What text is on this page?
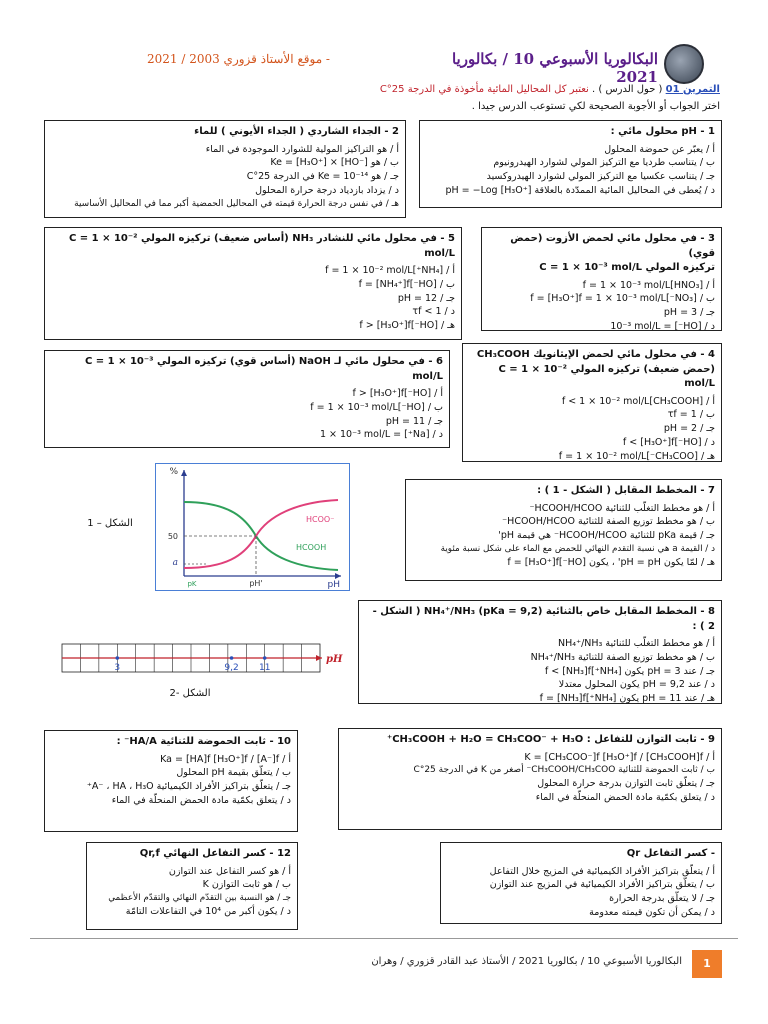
البكالوريا الأسبوعي 10 / بكالوريا 2021
- موقع الأستاذ قزوري 2003 / 2021
التمرين 01 ( حول الدرس ) . نعتبر كل المحاليل المائية مأخوذة في الدرجة 25°C
اختر الجواب أو الأجوبة الصحيحة لكي تستوعب الدرس جيدا .
1 - pH محلول مائي :
أ / يعبّر عن حموضة المحلول
ب / يتناسب طرديا مع التركيز المولي لشوارد الهيدرونيوم
جـ / يتناسب عكسيا مع التركيز المولي لشوارد الهيدروكسيد
د / يُعطى في المحاليل المائية الممدّدة بالعلاقة pH = −Log [H₃O⁺]
2 - الجداء الشاردي ( الجداء الأيوني ) للماء
أ / هو التراكيز المولية للشوارد الموجودة في الماء
ب / هو Ke = [H₃O⁺] × [HO⁻]
جـ / هو Ke = 10⁻¹⁴ في الدرجة 25°C
د / يزداد بازدياد درجة حرارة المحلول
هـ / في نفس درجة الحرارة قيمته في المحاليل الحمضية أكبر مما في المحاليل الأساسية
3 - في محلول مائي لحمض الأزوت (حمض قوي)
تركيزه المولي C = 1 × 10⁻³ mol/L
أ / [HNO₃]f = 1 × 10⁻³ mol/L
ب / [NO₃⁻]f = [H₃O⁺]f = 1 × 10⁻³ mol/L
جـ / pH = 3
د / [HO⁻] = 10⁻³ mol/L
5 - في محلول مائي للنشادر NH₃ (أساس ضعيف) تركيزه المولي C = 1 × 10⁻² mol/L
أ / [NH₄⁺]f = 1 × 10⁻² mol/L
ب / [HO⁻]f = [NH₄⁺]f
جـ / pH = 12
د / τf < 1
هـ / [HO⁻]f > [H₃O⁺]f
4 - في محلول مائي لحمض الإيثانويك CH₃COOH
(حمض ضعيف) تركيزه المولي C = 1 × 10⁻² mol/L
أ / [CH₃COOH]f < 1 × 10⁻² mol/L
ب / τf = 1
جـ / pH = 2
د / [HO⁻]f < [H₃O⁺]f
هـ / [CH₃COO⁻]f = 1 × 10⁻² mol/L
6 - في محلول مائي لـ NaOH (أساس قوي) تركيزه المولي C = 1 × 10⁻³ mol/L
أ / [HO⁻]f > [H₃O⁺]f
ب / [HO⁻]f = 1 × 10⁻³ mol/L
جـ / pH = 11
د / [Na⁺] = 1 × 10⁻³ mol/L
%
pH
50
a
pH'
pK
HCOO⁻
HCOOH
الشكل – 1
7 - المخطط المقابل ( الشكل - 1 ) :
أ / هو مخطط التغلّب للثنائية HCOOH/HCOO⁻
ب / هو مخطط توزيع الصفة للثنائية HCOOH/HCOO⁻
جـ / قيمة pKa للثنائية HCOOH/HCOO⁻ هي قيمة pH'
د / القيمة a هي نسبة التقدم النهائي للحمض مع الماء على شكل نسبة مئوية
هـ / لمّا يكون pH = pH' ، يكون [HO⁻]f = [H₃O⁺]f
8 - المخطط المقابل خاص بالثنائية NH₄⁺/NH₃ (pKa = 9,2) ( الشكل - 2 ) :
أ / هو مخطط التغلّب للثنائية NH₄⁺/NH₃
ب / هو مخطط توزيع الصفة للثنائية NH₄⁺/NH₃
جـ / عند pH = 3 يكون [NH₄⁺]f < [NH₃]f
د / عند pH = 9,2 يكون المحلول معتدلا
هـ / عند pH = 11 يكون [NH₄⁺]f = [NH₃]f
pH
3	9,2 11
الشكل -2
9 - ثابت التوازن للتفاعل : CH₃COOH + H₂O = CH₃COO⁻ + H₃O⁺
أ / K = [CH₃COO⁻]f [H₃O⁺]f / [CH₃COOH]f
ب / ثابت الحموضة للثنائية CH₃COOH/CH₃COO⁻ أصغر من K في الدرجة 25°C
جـ / يتعلّق ثابت التوازن بدرجة حرارة المحلول
د / يتعلق بكمّية مادة الحمض المنحلّة في الماء
10 - ثابت الحموضة للثنائية HA/A⁻ :
أ / Ka = [HA]f [H₃O⁺]f / [A⁻]f
ب / يتعلّق بقيمة pH المحلول
جـ / يتعلّق بتراكيز الأفراد الكيميائية A⁻ ، HA ، H₃O⁺
د / يتعلق بكمّية مادة الحمض المنحلّة في الماء
- كسر التفاعل Qr
أ / يتعلّق بتراكيز الأفراد الكيميائية في المزيج خلال التفاعل
ب / يتعلّق بتراكيز الأفراد الكيميائية في المزيج عند التوازن
جـ / لا يتعلّق بدرجة الحرارة
د / يمكن أن تكون قيمته معدومة
12 - كسر التفاعل النهائي Qr,f
أ / هو كسر التفاعل عند التوازن
ب / هو ثابت التوازن K
جـ / هو النسبة بين التقدّم النهائي والتقدّم الأعظمي
د / يكون أكبر من 10⁴ في التفاعلات التامّة
البكالوريا الأسبوعي 10 / بكالوريا 2021 / الأستاذ عبد القادر قزوري / وهران	1
